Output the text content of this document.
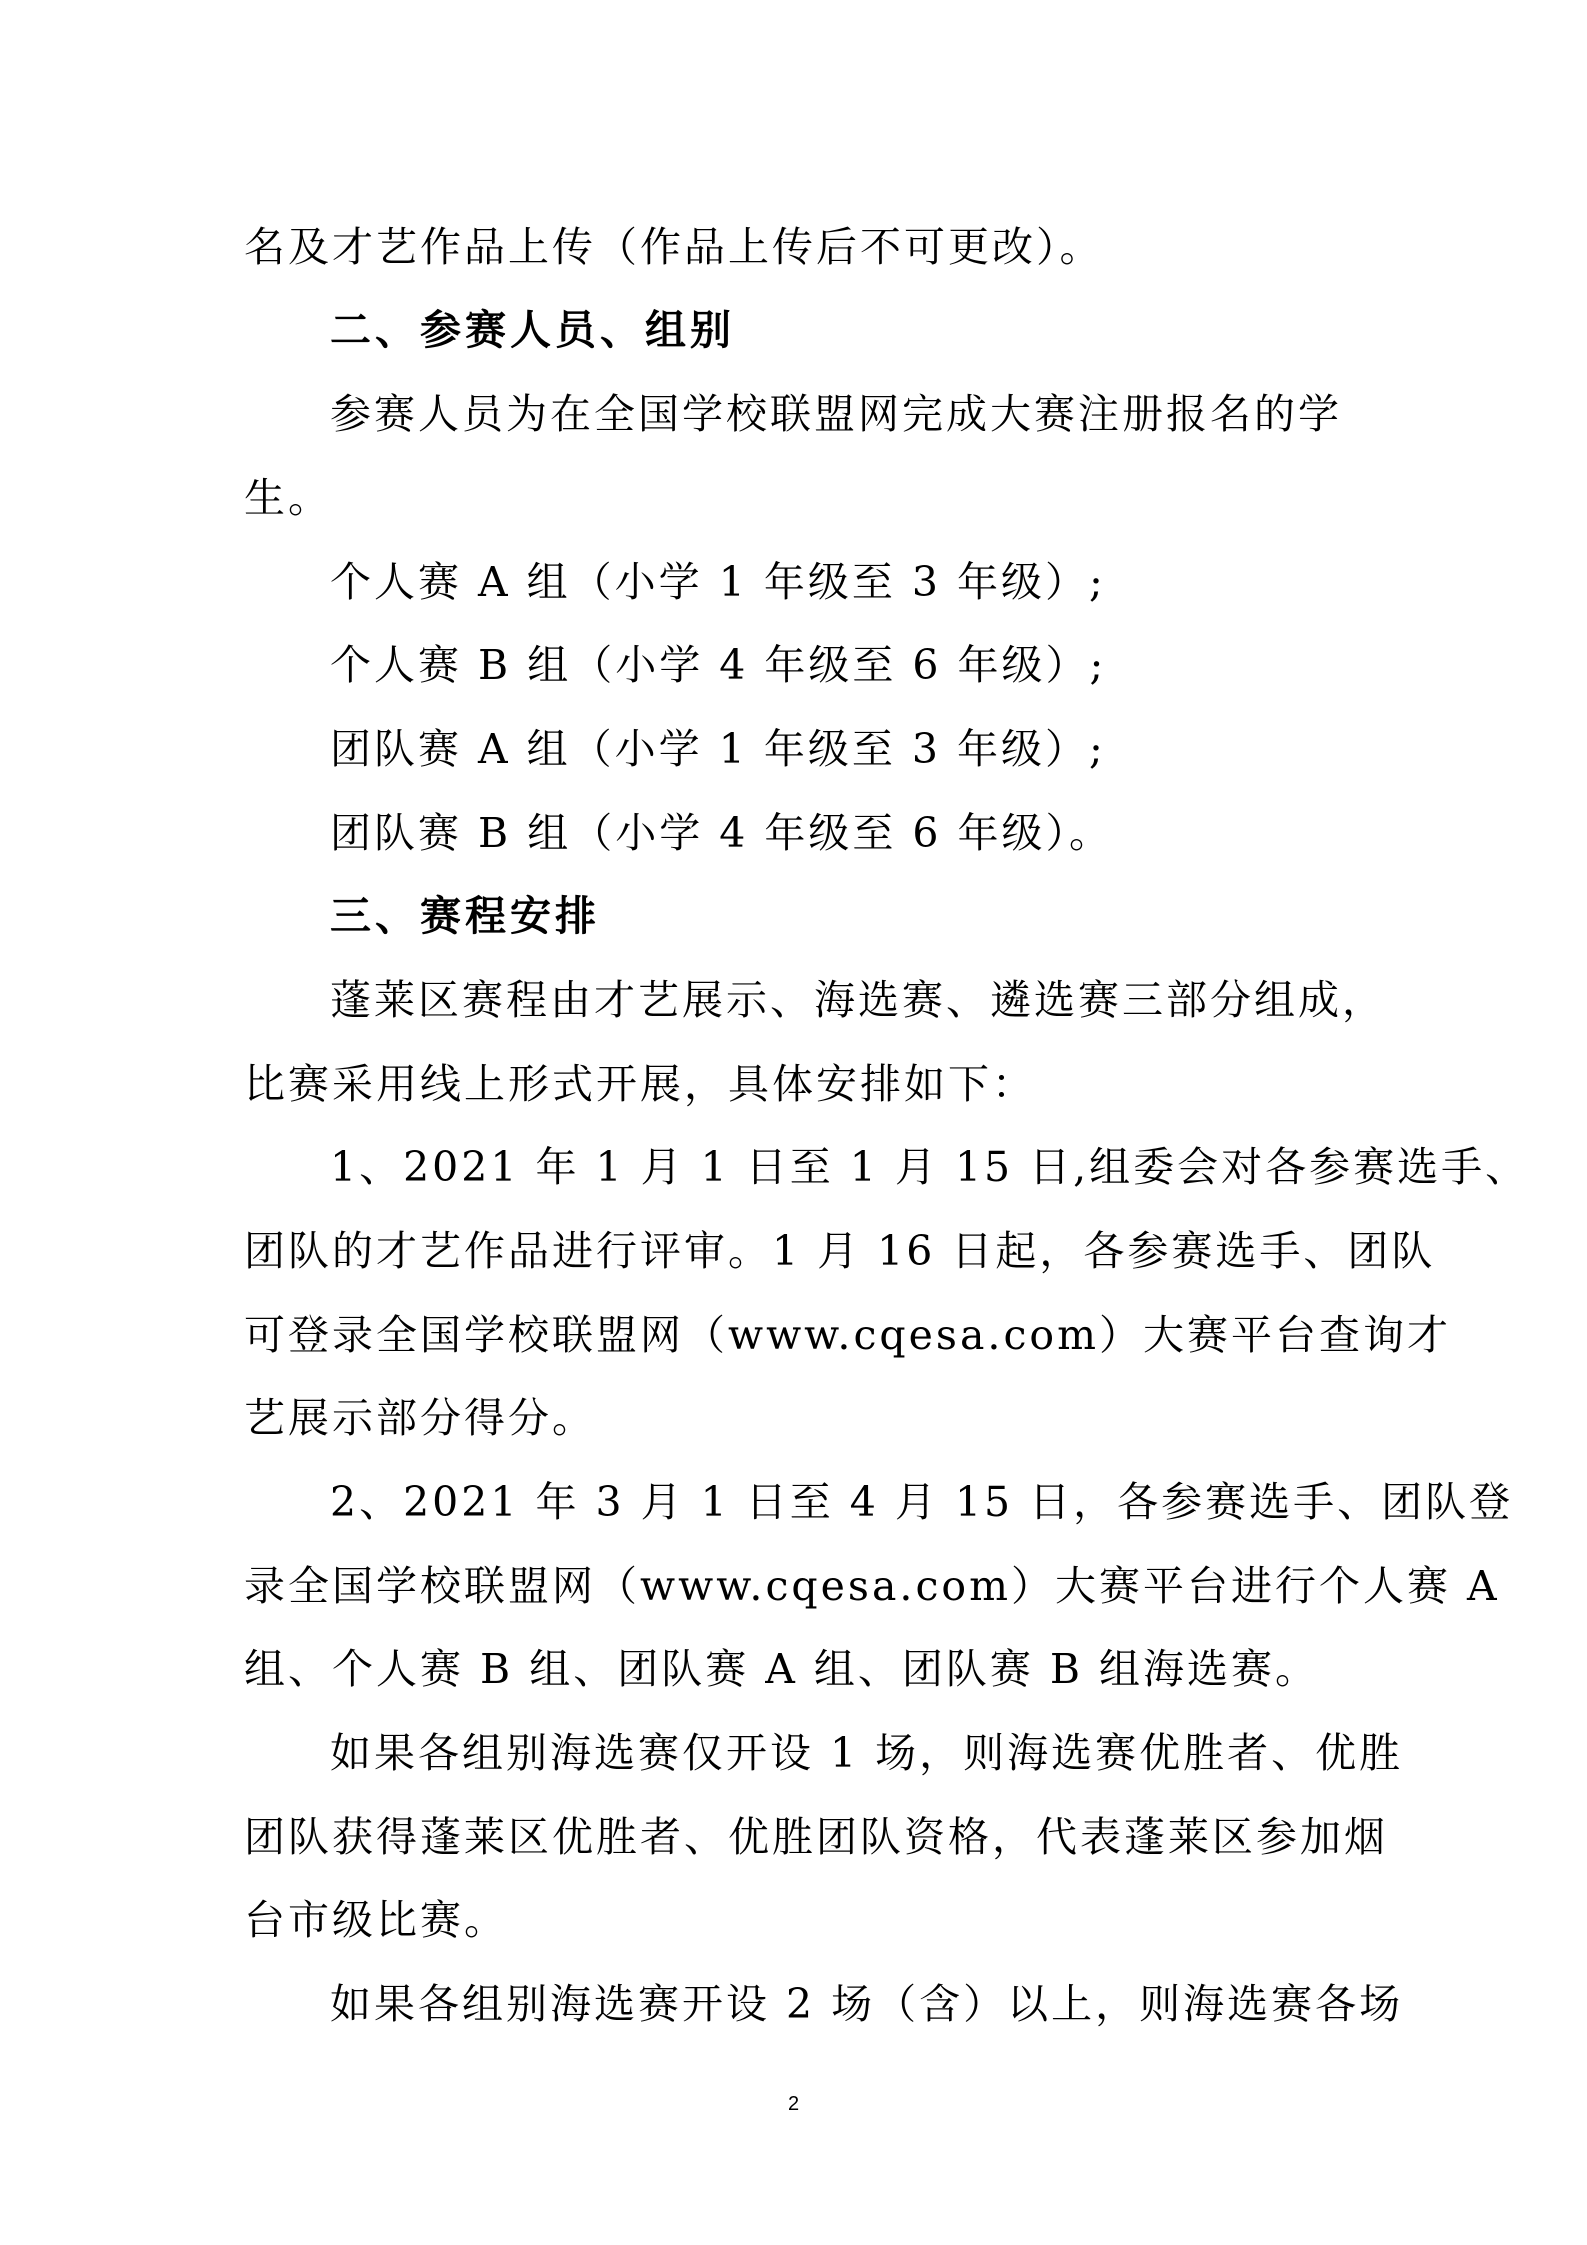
名及才艺作品上传（作品上传后不可更改）。
二、参赛人员、组别
参赛人员为在全国学校联盟网完成大赛注册报名的学
生。
个人赛 A 组（小学 1 年级至 3 年级）;
个人赛 B 组（小学 4 年级至 6 年级）;
团队赛 A 组（小学 1 年级至 3 年级）;
团队赛 B 组（小学 4 年级至 6 年级）。
三、赛程安排
蓬莱区赛程由才艺展示、海选赛、遴选赛三部分组成，
比赛采用线上形式开展，具体安排如下：
1、2021 年 1 月 1 日至 1 月 15 日,组委会对各参赛选手、
团队的才艺作品进行评审。1 月 16 日起，各参赛选手、团队
可登录全国学校联盟网（www.cqesa.com）大赛平台查询才
艺展示部分得分。
2、2021 年 3 月 1 日至 4 月 15 日，各参赛选手、团队登
录全国学校联盟网（www.cqesa.com）大赛平台进行个人赛 A
组、个人赛 B 组、团队赛 A 组、团队赛 B 组海选赛。
如果各组别海选赛仅开设 1 场，则海选赛优胜者、优胜
团队获得蓬莱区优胜者、优胜团队资格，代表蓬莱区参加烟
台市级比赛。
如果各组别海选赛开设 2 场（含）以上，则海选赛各场
2
